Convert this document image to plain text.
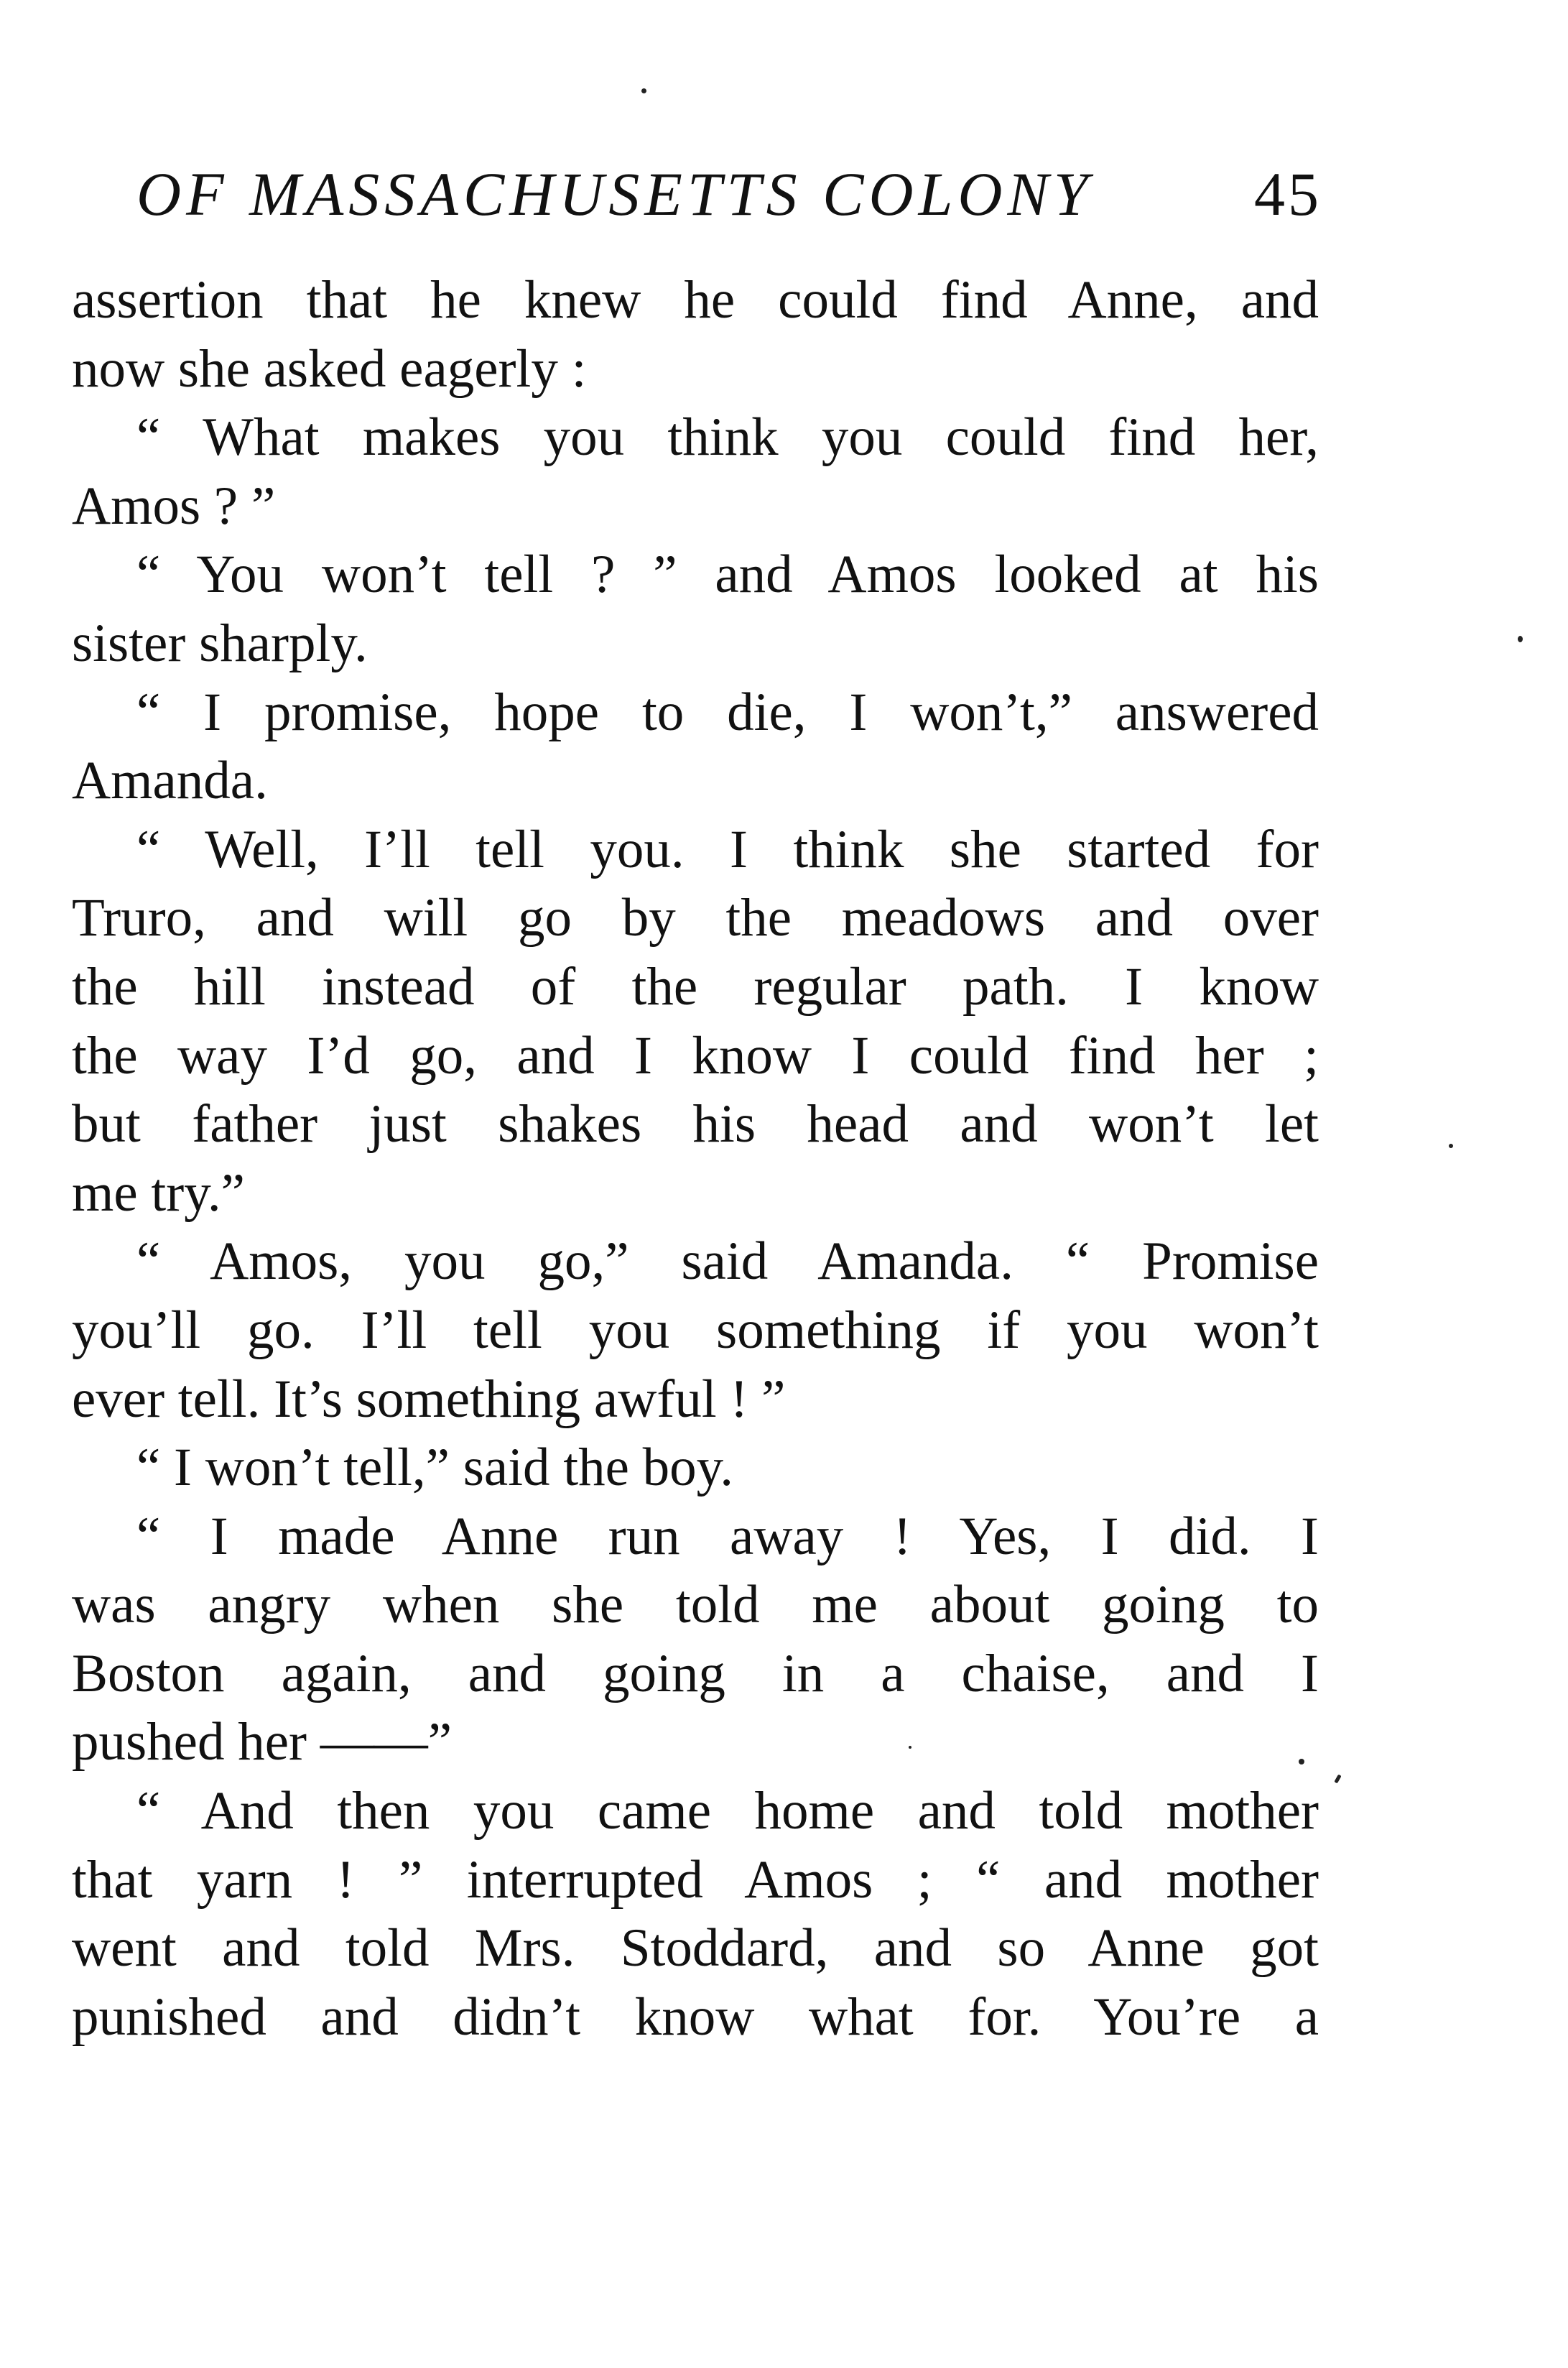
OF MASSACHUSETTS COLONY	45
assertion that he knew he could find Anne, and
now she asked eagerly :
“ What makes you think you could find her,
Amos ? ”
“ You won’t tell ? ” and Amos looked at his
sister sharply.
“ I promise, hope to die, I won’t,” answered
Amanda.
“ Well, I’ll tell you. I think she started for
Truro, and will go by the meadows and over
the hill instead of the regular path. I know
the way I’d go, and I know I could find her ;
but father just shakes his head and won’t let
me try.”
“ Amos, you go,” said Amanda. “ Promise
you’ll go. I’ll tell you something if you won’t
ever tell. It’s something awful ! ”
“ I won’t tell,” said the boy.
“ I made Anne run away ! Yes, I did. I
was angry when she told me about going to
Boston again, and going in a chaise, and I
pushed her ——”
“ And then you came home and told mother
that yarn ! ” interrupted Amos ; “ and mother
went and told Mrs. Stoddard, and so Anne got
punished and didn’t know what for. You’re a
